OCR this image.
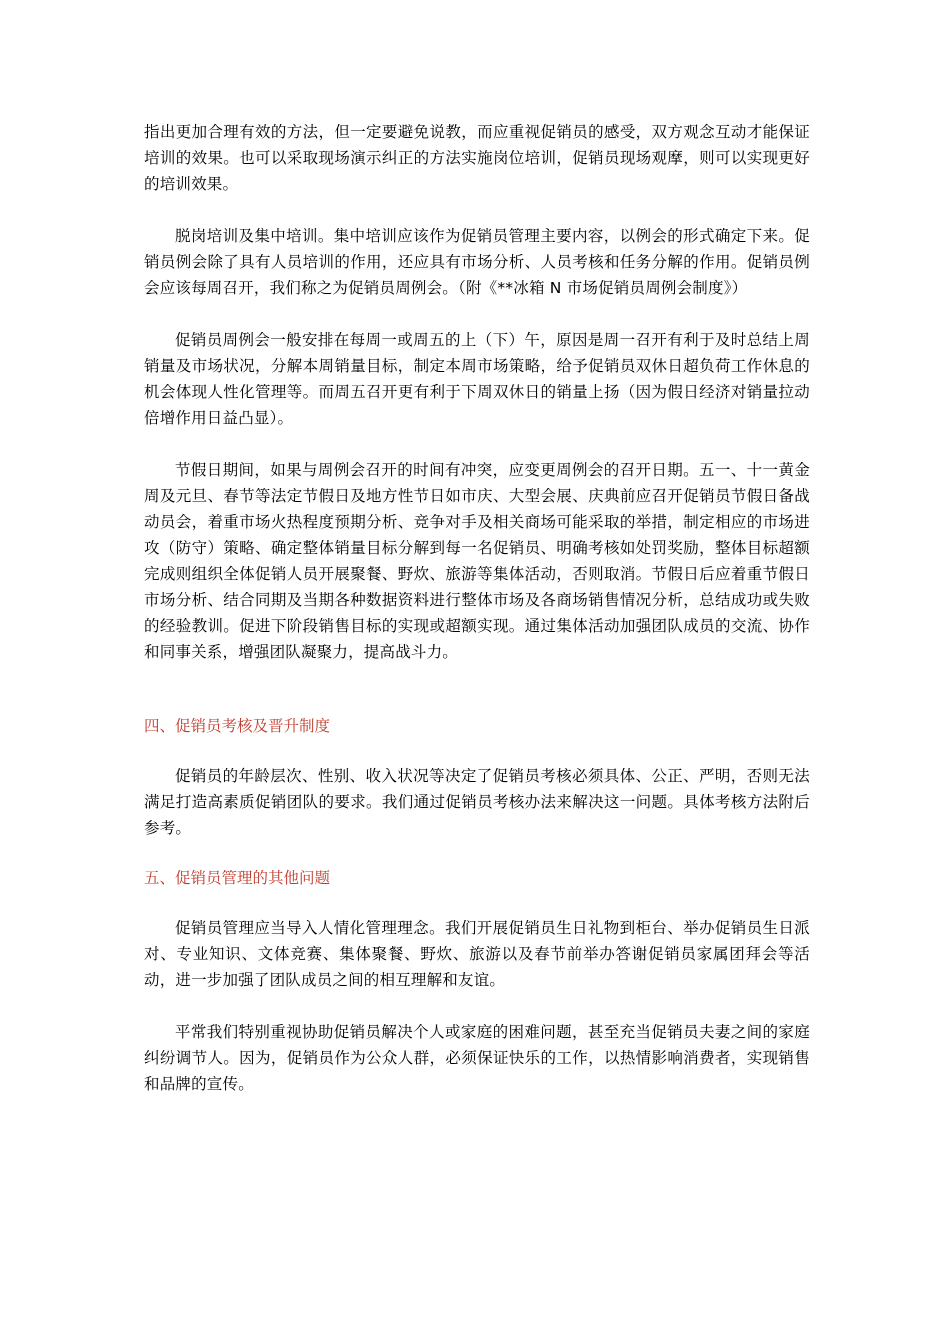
指出更加合理有效的方法，但一定要避免说教，而应重视促销员的感受，双方观念互动才能保证培训的效果。也可以采取现场演示纠正的方法实施岗位培训，促销员现场观摩，则可以实现更好的培训效果。

脱岗培训及集中培训。集中培训应该作为促销员管理主要内容，以例会的形式确定下来。促销员例会除了具有人员培训的作用，还应具有市场分析、人员考核和任务分解的作用。促销员例会应该每周召开，我们称之为促销员周例会。（附《**冰箱 N 市场促销员周例会制度》）

促销员周例会一般安排在每周一或周五的上（下）午，原因是周一召开有利于及时总结上周销量及市场状况，分解本周销量目标，制定本周市场策略，给予促销员双休日超负荷工作休息的机会体现人性化管理等。而周五召开更有利于下周双休日的销量上扬（因为假日经济对销量拉动倍增作用日益凸显）。

节假日期间，如果与周例会召开的时间有冲突，应变更周例会的召开日期。五一、十一黄金周及元旦、春节等法定节假日及地方性节日如市庆、大型会展、庆典前应召开促销员节假日备战动员会，着重市场火热程度预期分析、竞争对手及相关商场可能采取的举措，制定相应的市场进攻（防守）策略、确定整体销量目标分解到每一名促销员、明确考核如处罚奖励，整体目标超额完成则组织全体促销人员开展聚餐、野炊、旅游等集体活动，否则取消。节假日后应着重节假日市场分析、结合同期及当期各种数据资料进行整体市场及各商场销售情况分析，总结成功或失败的经验教训。促进下阶段销售目标的实现或超额实现。通过集体活动加强团队成员的交流、协作和同事关系，增强团队凝聚力，提高战斗力。

四、促销员考核及晋升制度

促销员的年龄层次、性别、收入状况等决定了促销员考核必须具体、公正、严明，否则无法满足打造高素质促销团队的要求。我们通过促销员考核办法来解决这一问题。具体考核方法附后参考。

五、促销员管理的其他问题

促销员管理应当导入人情化管理理念。我们开展促销员生日礼物到柜台、举办促销员生日派对、专业知识、文体竞赛、集体聚餐、野炊、旅游以及春节前举办答谢促销员家属团拜会等活动，进一步加强了团队成员之间的相互理解和友谊。

平常我们特别重视协助促销员解决个人或家庭的困难问题，甚至充当促销员夫妻之间的家庭纠纷调节人。因为，促销员作为公众人群，必须保证快乐的工作，以热情影响消费者，实现销售和品牌的宣传。
